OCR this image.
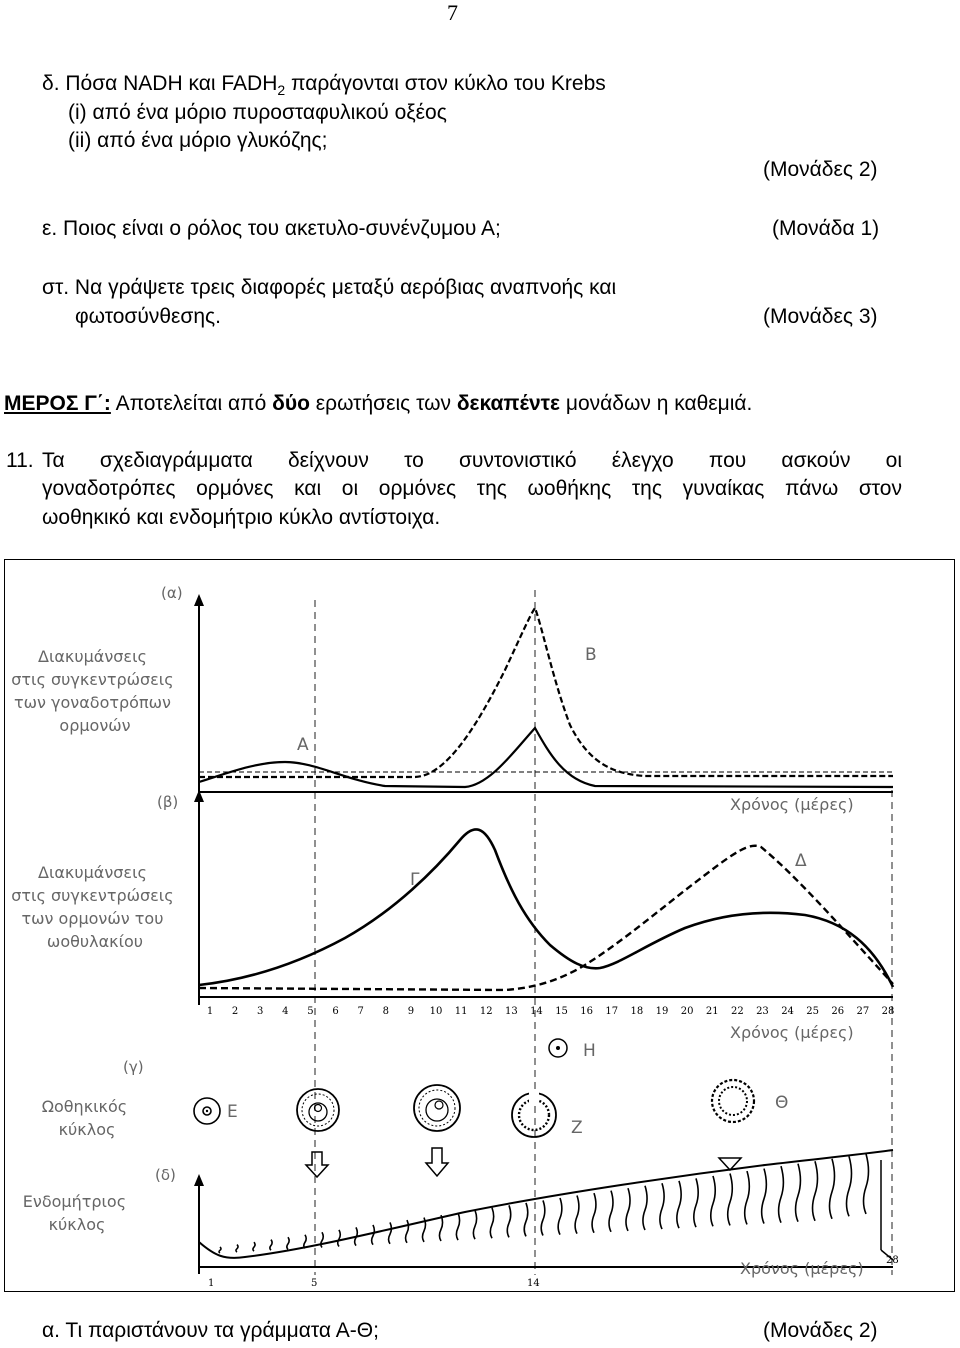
7
δ. Πόσα NADH και $FADH_2$ παράγονται στον κύκλο του Krebs
(i) από ένα μόριο πυροσταφυλικού οξέος
(ii) από ένα μόριο γλυκόζης;
(Μονάδες 2)
ε. Ποιος είναι ο ρόλος του ακετυλο-συνένζυμου Α;	(Μονάδα 1)
στ. Να γράψετε τρεις διαφορές μεταξύ αερόβιας αναπνοής και
φωτοσύνθεσης.	(Μονάδες 3)
ΜΕΡΟΣ Γ΄: Αποτελείται από δύο ερωτήσεις των δεκαπέντε μονάδων η καθεμιά.
11. Τα σχεδιαγράμματα δείχνουν το συντονιστικό έλεγχο που ασκούν οι
γοναδοτρόπες ορμόνες και οι ορμόνες της ωοθήκης της γυναίκας πάνω στον
ωοθηκικό και ενδομήτριο κύκλο αντίστοιχα.
(α)
Α
Β
Διακυμάνσεις στις συγκεντρώσεις των γοναδοτρόπων ορμονών
Χρόνος (μέρες)
(β)
Γ
Δ
Διακυμάνσεις στις συγκεντρώσεις των ορμονών του ωοθυλακίου
1 2 3 4 5 6 7 8 9 10 11 12 13 14 15 16 17 18 19 20 21 22 23 24 25 26 27 28
Χρόνος (μέρες)
(γ)
Ωοθηκικός κύκλος
Ε
Ζ
Η
Θ
(δ)
Ενδομήτριος κύκλος
1	5	14
28
Χρόνος (μέρες)
α. Τι παριστάνουν τα γράμματα Α-Θ;	(Μονάδες 2)
